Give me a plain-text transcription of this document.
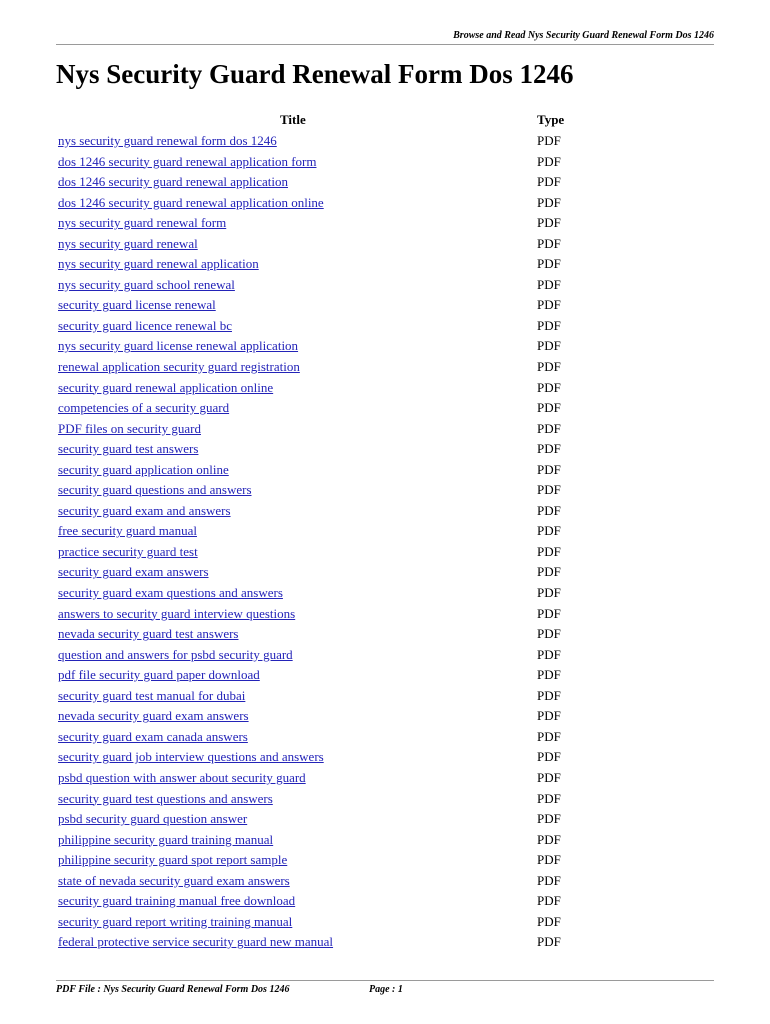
Browse and Read Nys Security Guard Renewal Form Dos 1246
Nys Security Guard Renewal Form Dos 1246
Title	Type
nys security guard renewal form dos 1246	PDF
dos 1246 security guard renewal application form	PDF
dos 1246 security guard renewal application	PDF
dos 1246 security guard renewal application online	PDF
nys security guard renewal form	PDF
nys security guard renewal	PDF
nys security guard renewal application	PDF
nys security guard school renewal	PDF
security guard license renewal	PDF
security guard licence renewal bc	PDF
nys security guard license renewal application	PDF
renewal application security guard registration	PDF
security guard renewal application online	PDF
competencies of a security guard	PDF
PDF files on security guard	PDF
security guard test answers	PDF
security guard application online	PDF
security guard questions and answers	PDF
security guard exam and answers	PDF
free security guard manual	PDF
practice security guard test	PDF
security guard exam answers	PDF
security guard exam questions and answers	PDF
answers to security guard interview questions	PDF
nevada security guard test answers	PDF
question and answers for psbd security guard	PDF
pdf file security guard paper download	PDF
security guard test manual for dubai	PDF
nevada security guard exam answers	PDF
security guard exam canada answers	PDF
security guard job interview questions and answers	PDF
psbd question with answer about security guard	PDF
security guard test questions and answers	PDF
psbd security guard question answer	PDF
philippine security guard training manual	PDF
philippine security guard spot report sample	PDF
state of nevada security guard exam answers	PDF
security guard training manual free download	PDF
security guard report writing training manual	PDF
federal protective service security guard new manual	PDF
PDF File : Nys Security Guard Renewal Form Dos 1246	Page : 1
